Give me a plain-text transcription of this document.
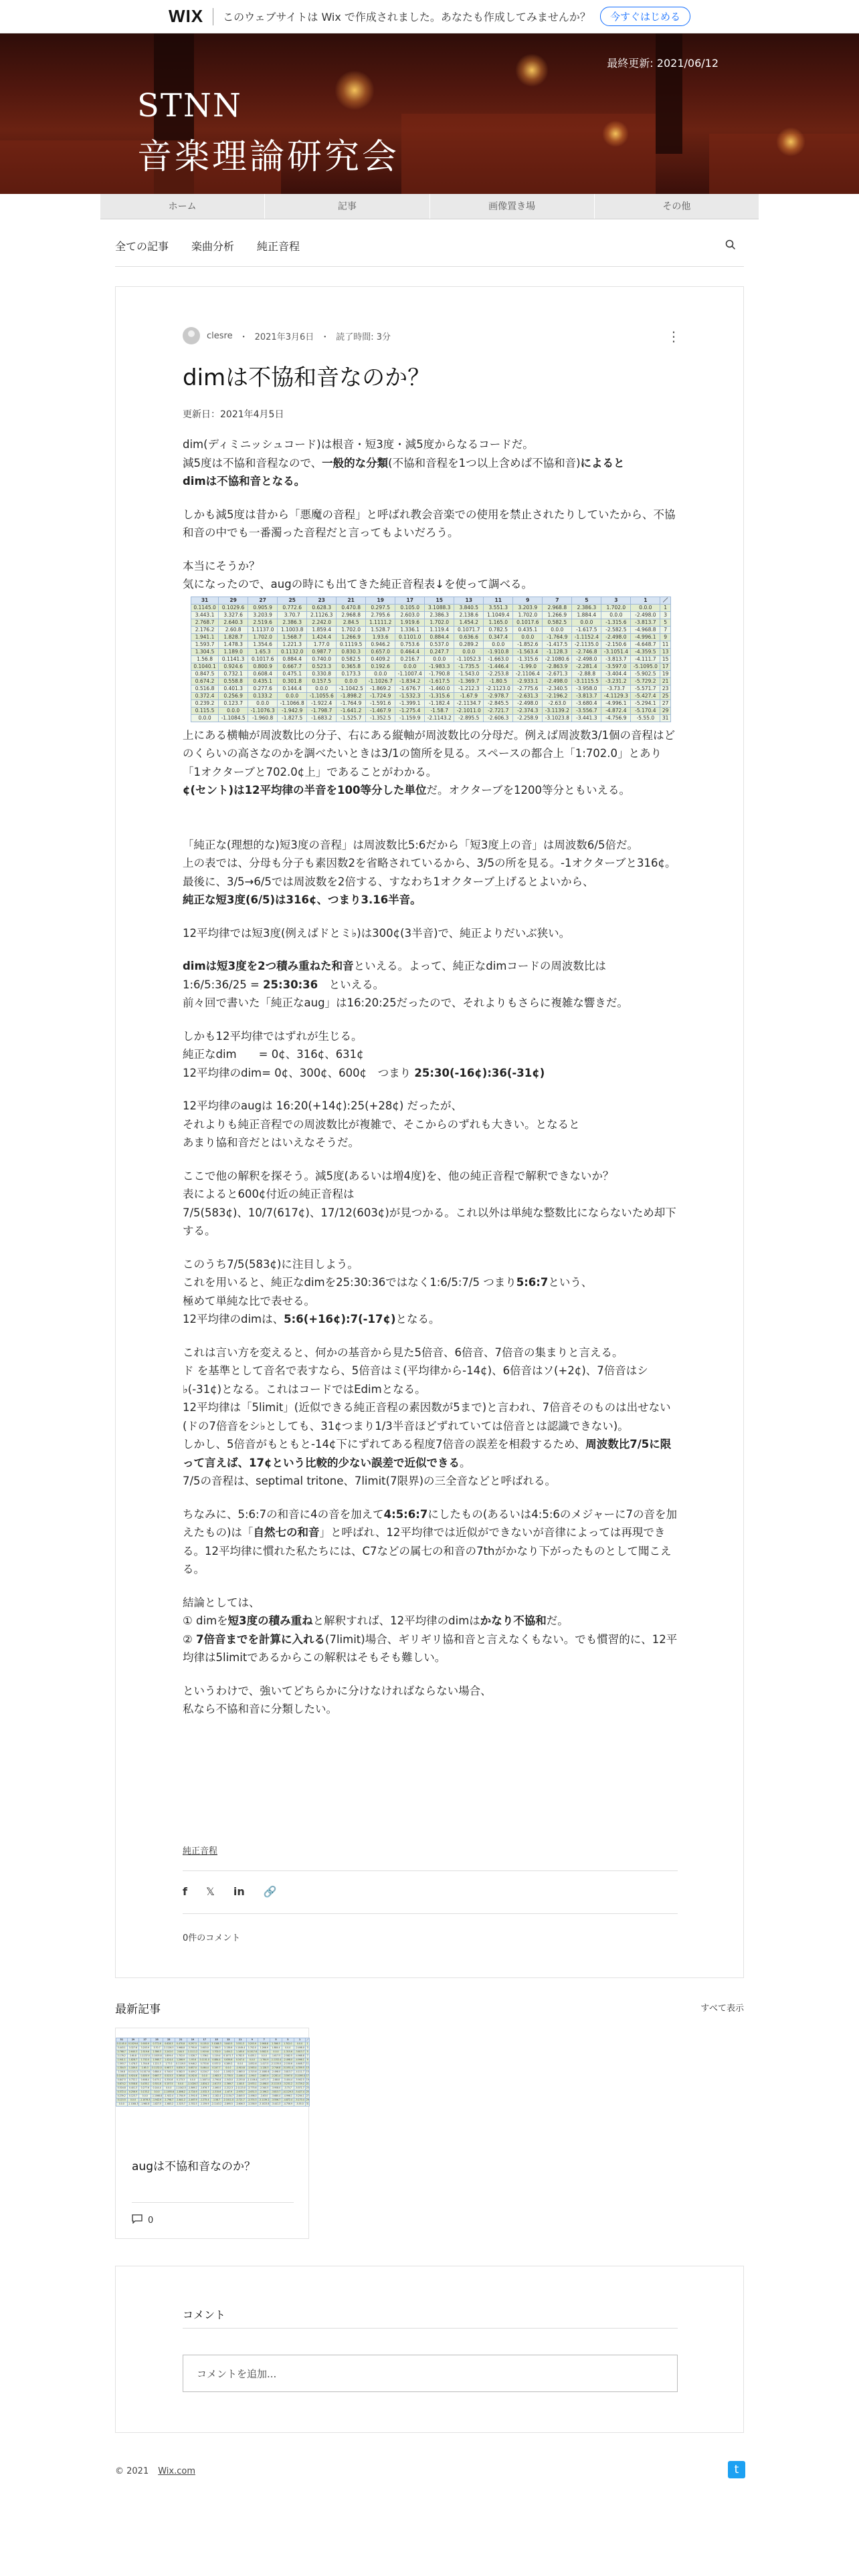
WIX このウェブサイトは Wix で作成されました。あなたも作成してみませんか？	今すぐはじめる
最終更新: 2021/06/12
STNN
音楽理論研究会
ホーム	記事	画像置き場	その他
全ての記事 楽曲分析 純正音程
clesre ・ 2021年3月6日 ・ 読了時間: 3分	⋮
dimは不協和音なのか？
更新日：2021年4月5日

dim(ディミニッシュコード)は根音・短3度・減5度からなるコードだ。

減5度は不協和音程なので、一般的な分類(不協和音程を1つ以上含めば不協和音)によると

dimは不協和音となる。

しかも減5度は昔から「悪魔の音程」と呼ばれ教会音楽での使用を禁止されたりしていたから、不協和音の中でも一番濁った音程だと言ってもよいだろう。

本当にそうか？

気になったので、augの時にも出てきた純正音程表↓を使って調べる。

31	29	27	25	23	21	19	17	15	13	11	9	7	5	3	1	／
0.1145.0	0.1029.6	0.905.9	0.772.6	0.628.3	0.470.8	0.297.5	0.105.0	3.1088.3	3.840.5	3.551.3	3.203.9	2.968.8	2.386.3	1.702.0	0.0.0	1
3.443.1	3.327.6	3.203.9	3.70.7	2.1126.3	2.968.8	2.795.6	2.603.0	2.386.3	2.138.6	1.1049.4	1.702.0	1.266.9	1.884.4	0.0.0	-2.498.0	3
2.768.7	2.640.3	2.519.6	2.386.3	2.242.0	2.84.5	1.1111.2	1.919.6	1.702.0	1.454.2	1.165.0	0.1017.6	0.582.5	0.0.0	-1.315.6	-3.813.7	5
2.176.2	2.60.8	1.1137.0	1.1003.8	1.859.4	1.702.0	1.528.7	1.336.1	1.119.4	0.1071.7	0.782.5	0.435.1	0.0.0	-1.617.5	-2.582.5	-4.968.8	7
1.941.1	1.828.7	1.702.0	1.568.7	1.424.4	1.266.9	1.93.6	0.1101.0	0.884.4	0.636.6	0.347.4	0.0.0	-1.764.9	-1.1152.4	-2.498.0	-4.996.1	9
1.593.7	1.478.3	1.354.6	1.221.3	1.77.0	0.1119.5	0.946.2	0.753.6	0.537.0	0.289.2	0.0.0	-1.852.6	-1.417.5	-2.1135.0	-2.150.6	-4.648.7	11
1.304.5	1.189.0	1.65.3	0.1132.0	0.987.7	0.830.3	0.657.0	0.464.4	0.247.7	0.0.0	-1.910.8	-1.563.4	-1.128.3	-2.746.8	-3.1051.4	-4.359.5	13
1.56.8	0.1141.3	0.1017.6	0.884.4	0.740.0	0.582.5	0.409.2	0.216.7	0.0.0	-1.1052.3	-1.663.0	-1.315.6	-2.1080.6	-2.498.0	-3.813.7	-4.111.7	15
0.1040.1	0.924.6	0.800.9	0.667.7	0.523.3	0.365.8	0.192.6	0.0.0	-1.983.3	-1.735.5	-1.446.4	-1.99.0	-2.863.9	-2.281.4	-3.597.0	-5.1095.0	17
0.847.5	0.732.1	0.608.4	0.475.1	0.330.8	0.173.3	0.0.0	-1.1007.4	-1.790.8	-1.543.0	-2.253.8	-2.1106.4	-2.671.3	-2.88.8	-3.404.4	-5.902.5	19
0.674.2	0.558.8	0.435.1	0.301.8	0.157.5	0.0.0	-1.1026.7	-1.834.2	-1.617.5	-1.369.7	-1.80.5	-2.933.1	-2.498.0	-3.1115.5	-3.231.2	-5.729.2	21
0.516.8	0.401.3	0.277.6	0.144.4	0.0.0	-1.1042.5	-1.869.2	-1.676.7	-1.460.0	-1.212.3	-2.1123.0	-2.775.6	-2.340.5	-3.958.0	-3.73.7	-5.571.7	23
0.372.4	0.256.9	0.133.2	0.0.0	-1.1055.6	-1.898.2	-1.724.9	-1.532.3	-1.315.6	-1.67.9	-2.978.7	-2.631.3	-2.196.2	-3.813.7	-4.1129.3	-5.427.4	25
0.239.2	0.123.7	0.0.0	-1.1066.8	-1.922.4	-1.764.9	-1.591.6	-1.399.1	-1.182.4	-2.1134.7	-2.845.5	-2.498.0	-2.63.0	-3.680.4	-4.996.1	-5.294.1	27
0.115.5	0.0.0	-1.1076.3	-1.942.9	-1.798.7	-1.641.2	-1.467.9	-1.275.4	-1.58.7	-2.1011.0	-2.721.7	-2.374.3	-3.1139.2	-3.556.7	-4.872.4	-5.170.4	29
0.0.0	-1.1084.5	-1.960.8	-1.827.5	-1.683.2	-1.525.7	-1.352.5	-1.159.9	-2.1143.2	-2.895.5	-2.606.3	-2.258.9	-3.1023.8	-3.441.3	-4.756.9	-5.55.0	31

上にある横軸が周波数比の分子、右にある縦軸が周波数比の分母だ。例えば周波数3/1個の音程はどのくらいの高さなのかを調べたいときは3/1の箇所を見る。スペースの都合上「1:702.0」とあり「1オクターブと702.0¢上」であることがわかる。

¢(セント)は12平均律の半音を100等分した単位だ。オクターブを1200等分ともいえる。

「純正な(理想的な)短3度の音程」は周波数比5:6だから「短3度上の音」は周波数6/5倍だ。

上の表では、分母も分子も素因数2を省略されているから、3/5の所を見る。-1オクターブと316¢。最後に、3/5→6/5では周波数を2倍する、すなわち1オクターブ上げるとよいから、

純正な短3度(6/5)は316¢、つまり3.16半音。

12平均律では短3度(例えばドとミ♭)は300¢(3半音)で、純正よりだいぶ狭い。

dimは短3度を2つ積み重ねた和音といえる。よって、純正なdimコードの周波数比は

1:6/5:36/25 = 25:30:36　といえる。

前々回で書いた「純正なaug」は16:20:25だったので、それよりもさらに複雑な響きだ。

しかも12平均律ではずれが生じる。

純正なdim　　= 0¢、316¢、631¢

12平均律のdim= 0¢、300¢、600¢　つまり 25:30(-16¢):36(-31¢)

12平均律のaugは 16:20(+14¢):25(+28¢) だったが、

それよりも純正音程での周波数比が複雑で、そこからのずれも大きい。となると

あまり協和音だとはいえなそうだ。

ここで他の解釈を探そう。減5度(あるいは増4度)を、他の純正音程で解釈できないか？

表によると600¢付近の純正音程は

7/5(583¢)、10/7(617¢)、17/12(603¢)が見つかる。これ以外は単純な整数比にならないため却下する。

このうち7/5(583¢)に注目しよう。

これを用いると、純正なdimを25:30:36ではなく1:6/5:7/5 つまり5:6:7という、

極めて単純な比で表せる。

12平均律のdimは、5:6(+16¢):7(-17¢)となる。

これは言い方を変えると、何かの基音から見た5倍音、6倍音、7倍音の集まりと言える。

ド を基準として音名で表すなら、5倍音はミ(平均律から-14¢)、6倍音はソ(+2¢)、7倍音はシ♭(-31¢)となる。これはコードではEdimとなる。

12平均律は「5limit」(近似できる純正音程の素因数が5まで)と言われ、7倍音そのものは出せない(ドの7倍音をシ♭としても、31¢つまり1/3半音ほどずれていては倍音とは認識できない)。

しかし、5倍音がもともと-14¢下にずれてある程度7倍音の誤差を相殺するため、周波数比7/5に限って言えば、17¢という比較的少ない誤差で近似できる。

7/5の音程は、septimal tritone、7limit(7限界)の三全音などと呼ばれる。

ちなみに、5:6:7の和音に4の音を加えて4:5:6:7にしたもの(あるいは4:5:6のメジャーに7の音を加えたもの)は「自然七の和音」と呼ばれ、12平均律では近似ができないが音律によっては再現できる。12平均律に慣れた私たちには、C7などの属七の和音の7thがかなり下がったものとして聞こえる。

結論としては、

① dimを短3度の積み重ねと解釈すれば、12平均律のdimはかなり不協和だ。

② 7倍音までを計算に入れる(7limit)場合、ギリギリ協和音と言えなくもない。でも慣習的に、12平均律は5limitであるからこの解釈はそもそも難しい。

というわけで、強いてどちらかに分けなければならない場合、

私なら不協和音に分類したい。

純正音程
f 𝕏 in 🔗
0件のコメント
最新記事	すべて表示
31	29	27	25	23	21	19	17	15	13	11	9	7	5	3	1	／
0.1145.0	0.1029.6	0.905.9	0.772.6	0.628.3	0.470.8	0.297.5	0.105.0	3.1088.3	3.840.5	3.551.3	3.203.9	2.968.8	2.386.3	1.702.0	0.0.0	1
3.443.1	3.327.6	3.203.9	3.70.7	2.1126.3	2.968.8	2.795.6	2.603.0	2.386.3	2.138.6	1.1049.4	1.702.0	1.266.9	1.884.4	0.0.0	-2.498.0	3
2.768.7	2.640.3	2.519.6	2.386.3	2.242.0	2.84.5	1.1111.2	1.919.6	1.702.0	1.454.2	1.165.0	0.1017.6	0.582.5	0.0.0	-1.315.6	-3.813.7	5
2.176.2	2.60.8	1.1137.0	1.1003.8	1.859.4	1.702.0	1.528.7	1.336.1	1.119.4	0.1071.7	0.782.5	0.435.1	0.0.0	-1.617.5	-2.582.5	-4.968.8	7
1.941.1	1.828.7	1.702.0	1.568.7	1.424.4	1.266.9	1.93.6	0.1101.0	0.884.4	0.636.6	0.347.4	0.0.0	-1.764.9	-1.1152.4	-2.498.0	-4.996.1	9
1.593.7	1.478.3	1.354.6	1.221.3	1.77.0	0.1119.5	0.946.2	0.753.6	0.537.0	0.289.2	0.0.0	-1.852.6	-1.417.5	-2.1135.0	-2.150.6	-4.648.7	11
1.304.5	1.189.0	1.65.3	0.1132.0	0.987.7	0.830.3	0.657.0	0.464.4	0.247.7	0.0.0	-1.910.8	-1.563.4	-1.128.3	-2.746.8	-3.1051.4	-4.359.5	13
1.56.8	0.1141.3	0.1017.6	0.884.4	0.740.0	0.582.5	0.409.2	0.216.7	0.0.0	-1.1052.3	-1.663.0	-1.315.6	-2.1080.6	-2.498.0	-3.813.7	-4.111.7	15
0.1040.1	0.924.6	0.800.9	0.667.7	0.523.3	0.365.8	0.192.6	0.0.0	-1.983.3	-1.735.5	-1.446.4	-1.99.0	-2.863.9	-2.281.4	-3.597.0	-5.1095.0	17
0.847.5	0.732.1	0.608.4	0.475.1	0.330.8	0.173.3	0.0.0	-1.1007.4	-1.790.8	-1.543.0	-2.253.8	-2.1106.4	-2.671.3	-2.88.8	-3.404.4	-5.902.5	19
0.674.2	0.558.8	0.435.1	0.301.8	0.157.5	0.0.0	-1.1026.7	-1.834.2	-1.617.5	-1.369.7	-1.80.5	-2.933.1	-2.498.0	-3.1115.5	-3.231.2	-5.729.2	21
0.516.8	0.401.3	0.277.6	0.144.4	0.0.0	-1.1042.5	-1.869.2	-1.676.7	-1.460.0	-1.212.3	-2.1123.0	-2.775.6	-2.340.5	-3.958.0	-3.73.7	-5.571.7	23
0.372.4	0.256.9	0.133.2	0.0.0	-1.1055.6	-1.898.2	-1.724.9	-1.532.3	-1.315.6	-1.67.9	-2.978.7	-2.631.3	-2.196.2	-3.813.7	-4.1129.3	-5.427.4	25
0.239.2	0.123.7	0.0.0	-1.1066.8	-1.922.4	-1.764.9	-1.591.6	-1.399.1	-1.182.4	-2.1134.7	-2.845.5	-2.498.0	-2.63.0	-3.680.4	-4.996.1	-5.294.1	27
0.115.5	0.0.0	-1.1076.3	-1.942.9	-1.798.7	-1.641.2	-1.467.9	-1.275.4	-1.58.7	-2.1011.0	-2.721.7	-2.374.3	-3.1139.2	-3.556.7	-4.872.4	-5.170.4	29
0.0.0	-1.1084.5	-1.960.8	-1.827.5	-1.683.2	-1.525.7	-1.352.5	-1.159.9	-2.1143.2	-2.895.5	-2.606.3	-2.258.9	-3.1023.8	-3.441.3	-4.756.9	-5.55.0	31
augは不協和音なのか？
0
コメント
コメントを追加...
© 2021 Wix.com	t
